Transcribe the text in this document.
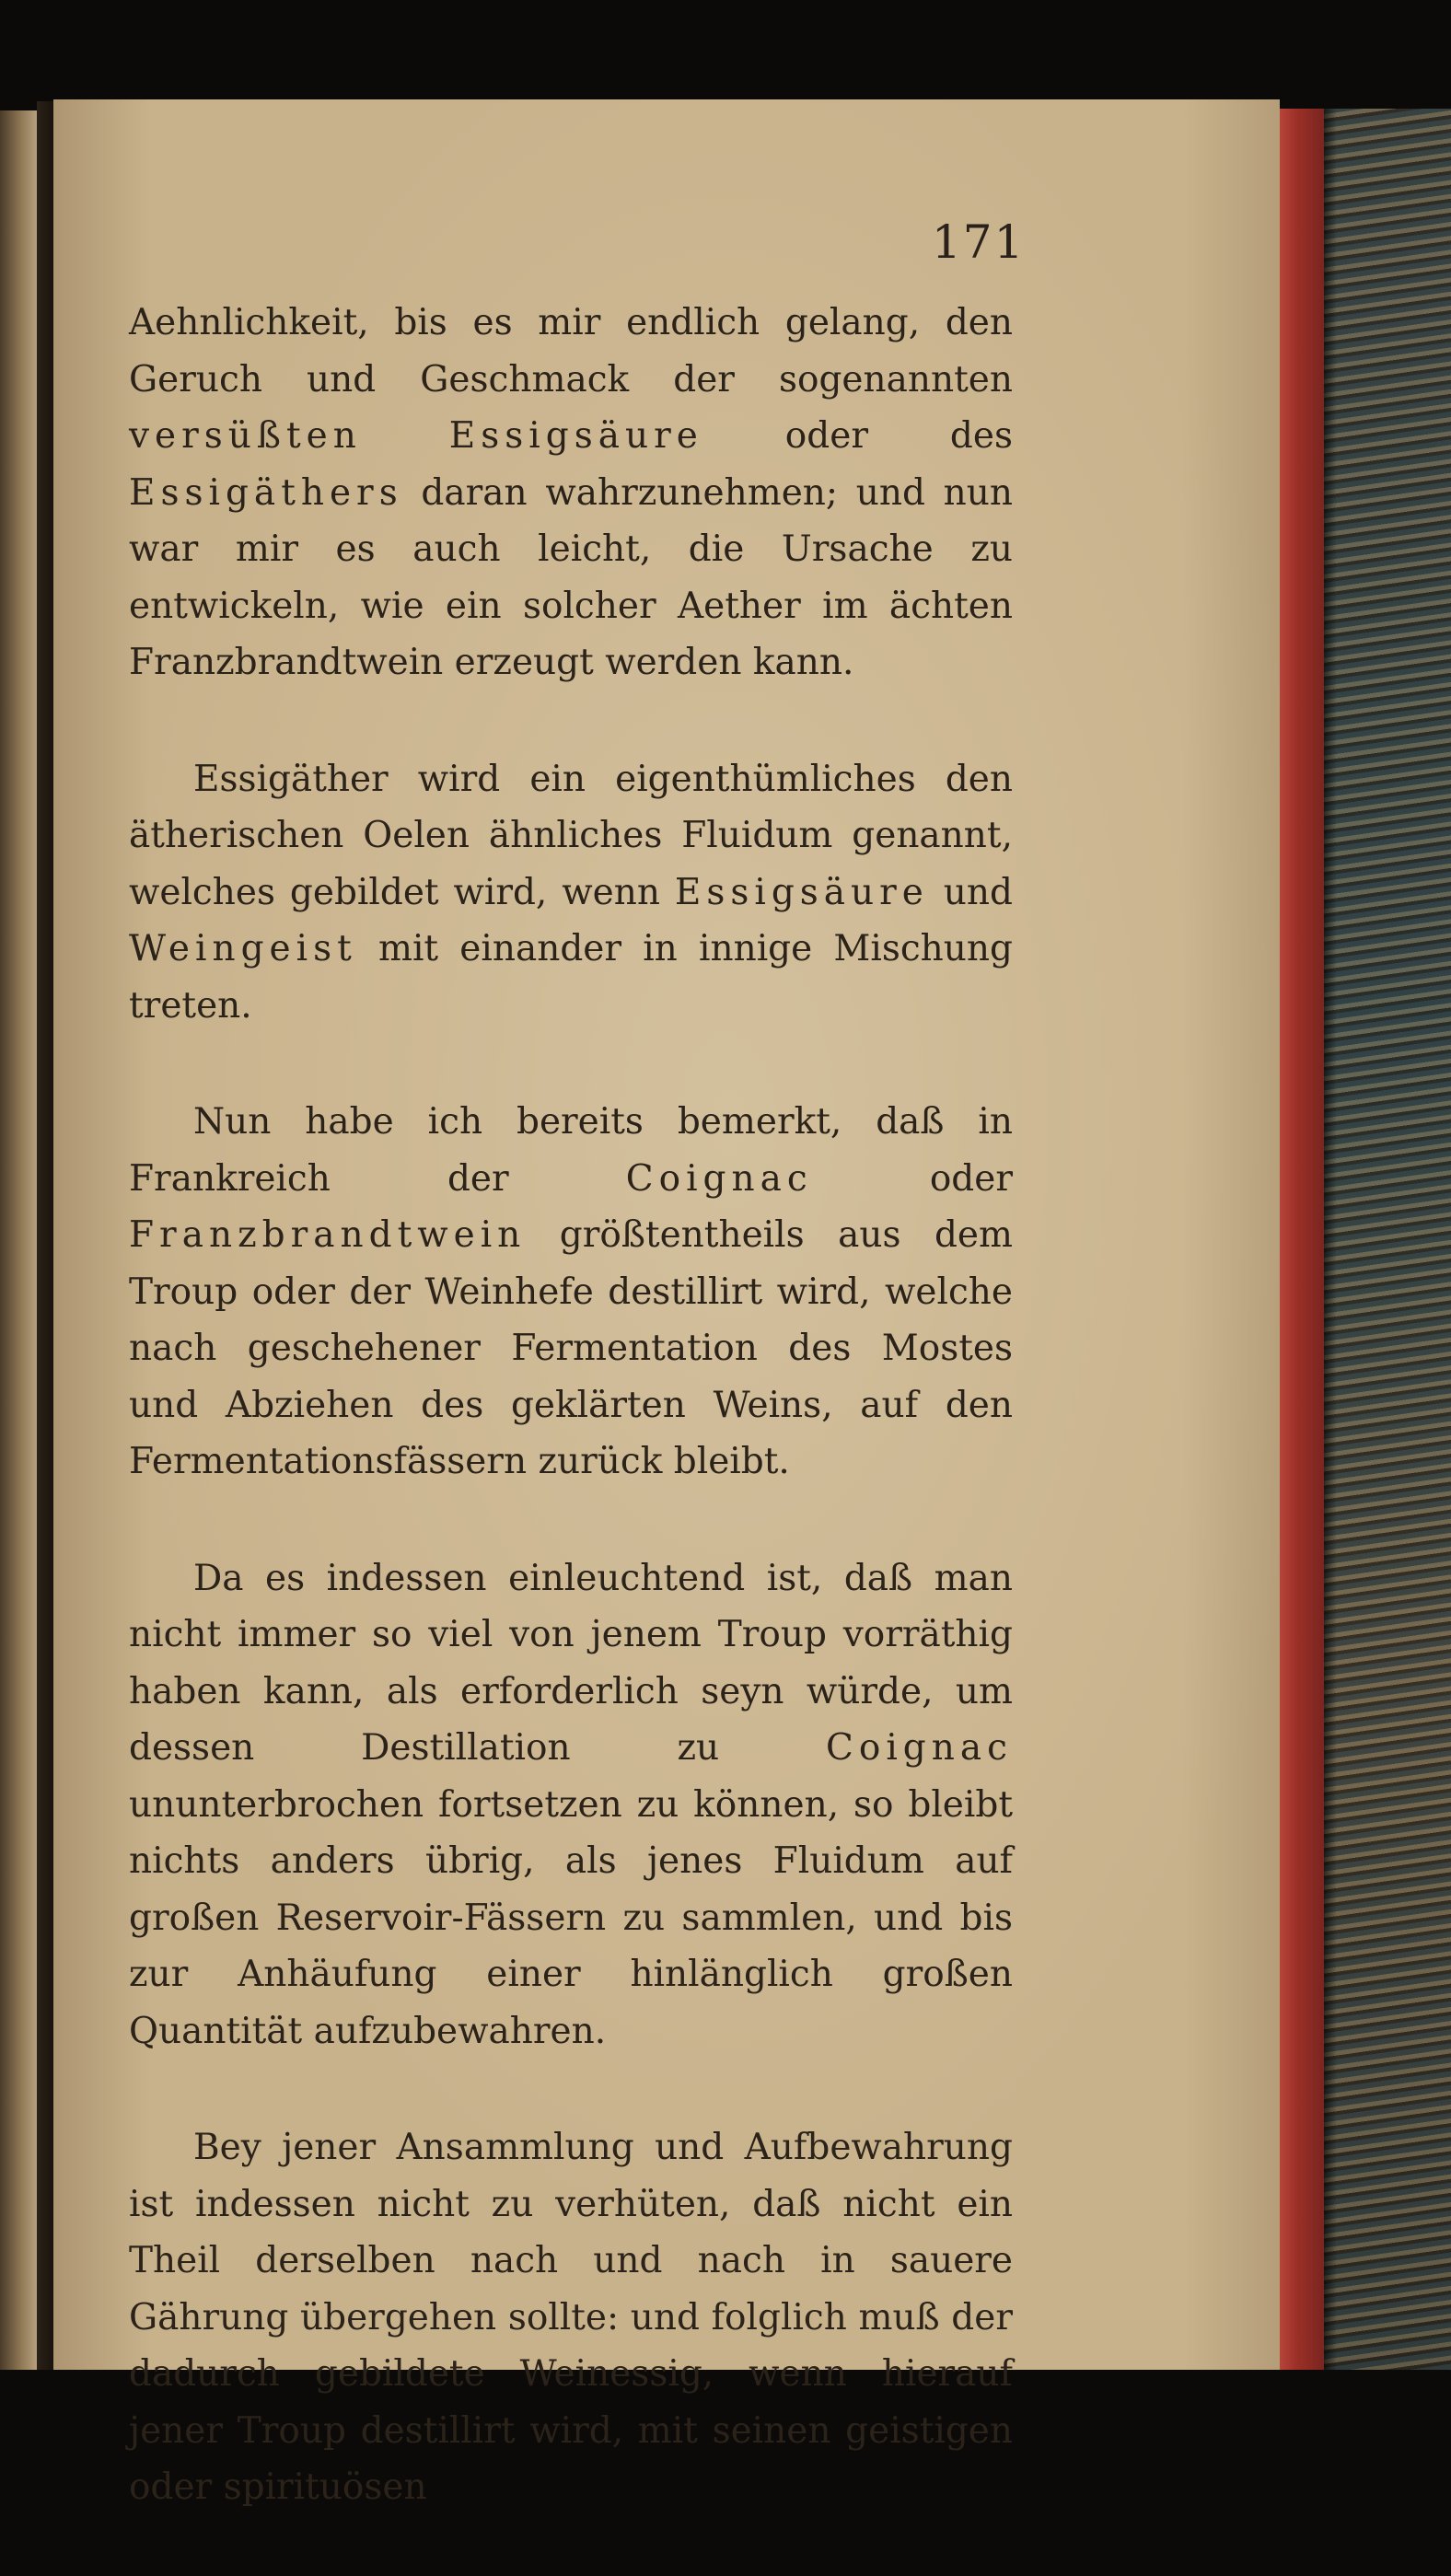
171

Aehnlichkeit, bis es mir endlich gelang, den Geruch und Geschmack der sogenannten versüßten Essigsäure oder des Essigäthers daran wahrzunehmen; und nun war mir es auch leicht, die Ursache zu entwickeln, wie ein solcher Aether im ächten Franzbrandtwein erzeugt werden kann.

Essigäther wird ein eigenthümliches den ätherischen Oelen ähnliches Fluidum genannt, welches gebildet wird, wenn Essigsäure und Weingeist mit einander in innige Mischung treten.

Nun habe ich bereits bemerkt, daß in Frankreich der Coignac oder Franzbrandtwein größtentheils aus dem Troup oder der Weinhefe destillirt wird, welche nach geschehener Fermentation des Mostes und Abziehen des geklärten Weins, auf den Fermentationsfässern zurück bleibt.

Da es indessen einleuchtend ist, daß man nicht immer so viel von jenem Troup vorräthig haben kann, als erforderlich seyn würde, um dessen Destillation zu Coignac ununterbrochen fortsetzen zu können, so bleibt nichts anders übrig, als jenes Fluidum auf großen Reservoir-Fässern zu sammlen, und bis zur Anhäufung einer hinlänglich großen Quantität aufzubewahren.

Bey jener Ansammlung und Aufbewahrung ist indessen nicht zu verhüten, daß nicht ein Theil derselben nach und nach in sauere Gährung übergehen sollte: und folglich muß der dadurch gebildete Weinessig, wenn hierauf jener Troup destillirt wird, mit seinen geistigen oder spirituösen
